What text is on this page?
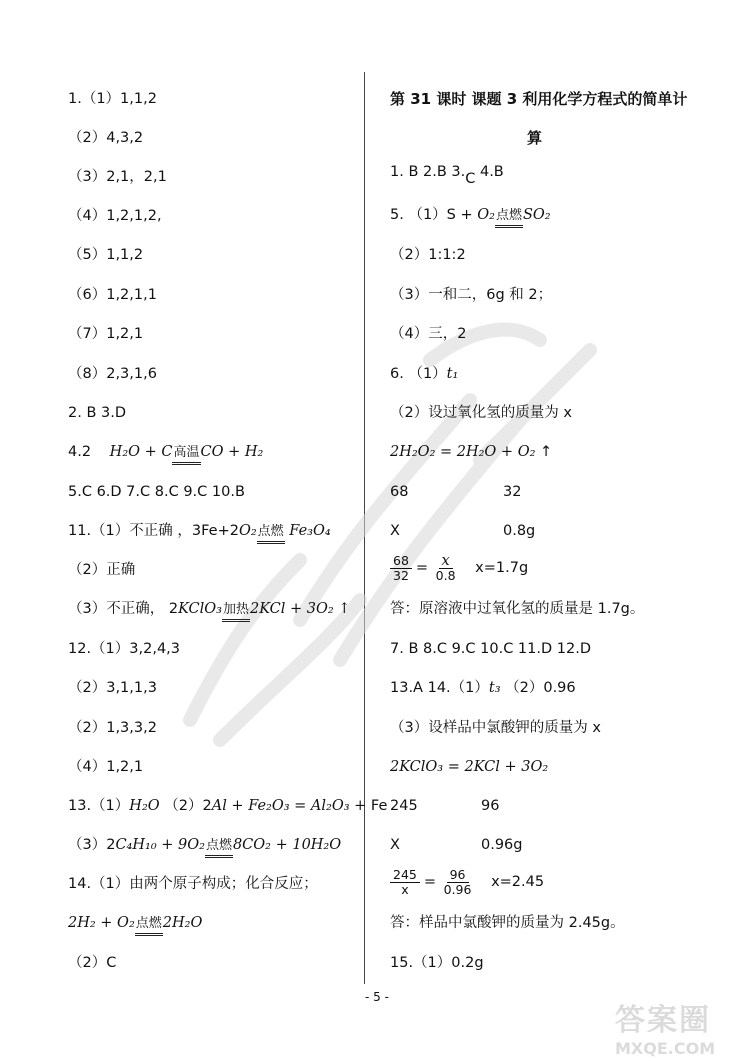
1.（1）1,1,2
（2）4,3,2
（3）2,1，2,1
（4）1,2,1,2,
（5）1,1,2
（6）1,2,1,1
（7）1,2,1
（8）2,3,1,6
2. B 3.D
4.2 H₂O + C高温CO + H₂
5.C 6.D 7.C 8.C 9.C 10.B
11.（1）不正确 ，3Fe+2O₂点燃 Fe₃O₄
（2）正确
（3）不正确， 2KClO₃加热2KCl + 3O₂ ↑
12.（1）3,2,4,3
（2）3,1,1,3
（2）1,3,3,2
（4）1,2,1
13.（1）H₂O （2）2Al + Fe₂O₃ = Al₂O₃ + Fe
（3）2C₄H₁₀ + 9O₂点燃8CO₂ + 10H₂O
14.（1）由两个原子构成；化合反应；
2H₂ + O₂点燃2H₂O
（2）C
第 31 课时 课题 3 利用化学方程式的简单计
算
1. B 2.B 3.C 4.B
5. （1）S + O₂点燃SO₂
（2）1:1:2
（3）一和二，6g 和 2；
（4）三，2
6. （1）t₁
（2）设过氧化氢的质量为 x
2H₂O₂ = 2H₂O + O₂ ↑
68	32
X	0.8g
$\frac{68}{32} = \frac{x}{0.8} x=1.7g$
答：原溶液中过氧化氢的质量是 1.7g。
7. B 8.C 9.C 10.C 11.D 12.D
13.A 14.（1）t₃ （2）0.96
（3）设样品中氯酸钾的质量为 x
2KClO₃ = 2KCl + 3O₂
245	96
X	0.96g
$\frac{245}{x} = \frac{96}{0.96} x=2.45$
答：样品中氯酸钾的质量为 2.45g。
15.（1）0.2g
- 5 -
答案圈
MXQE.COM
